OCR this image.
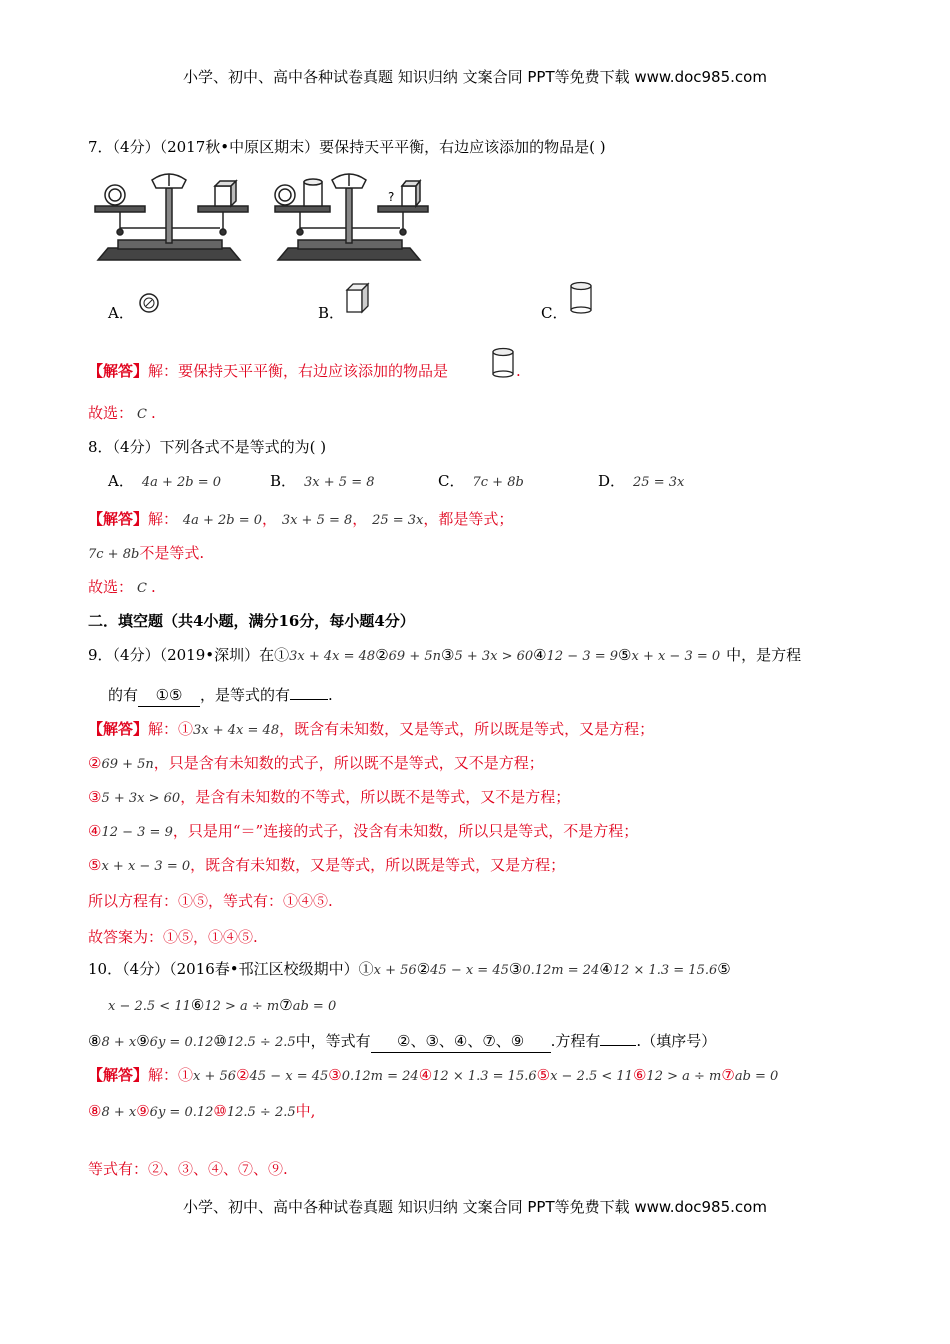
小学、初中、高中各种试卷真题 知识归纳 文案合同 PPT等免费下载 www.doc985.com
7．（4分）（2017秋•中原区期末）要保持天平平衡，右边应该添加的物品是( )
?
A．	B．	C．
【解答】解：要保持天平平衡，右边应该添加的物品是	.
故选： C .
8．（4分）下列各式不是等式的为( )
A． 4a + 2b = 0	B． 3x + 5 = 8	C． 7c + 8b	D． 25 = 3x
【解答】解： 4a + 2b = 0， 3x + 5 = 8， 25 = 3x，都是等式；
7c + 8b不是等式.
故选： C .
二．填空题（共4小题，满分16分，每小题4分）
9．（4分）（2019•深圳）在①3x + 4x = 48②69 + 5n③5 + 3x > 60④12 − 3 = 9⑤x + x − 3 = 0 中，是方程
的有 ①⑤ ，是等式的有	.
【解答】解：①3x + 4x = 48，既含有未知数，又是等式，所以既是等式，又是方程；
②69 + 5n，只是含有未知数的式子，所以既不是等式，又不是方程；
③5 + 3x > 60，是含有未知数的不等式，所以既不是等式，又不是方程；
④12 − 3 = 9，只是用“＝”连接的式子，没含有未知数，所以只是等式，不是方程；
⑤x + x − 3 = 0，既含有未知数，又是等式，所以既是等式，又是方程；
所以方程有：①⑤，等式有：①④⑤.
故答案为：①⑤，①④⑤.
10．（4分）（2016春•邗江区校级期中）①x + 56②45 − x = 45③0.12m = 24④12 × 1.3 = 15.6⑤
x − 2.5 < 11⑥12 > a ÷ m⑦ab = 0
⑧8 + x⑨6y = 0.12⑩12.5 ÷ 2.5中，等式有 ②、③、④、⑦、⑨ .方程有 .（填序号）
【解答】解：①x + 56②45 − x = 45③0.12m = 24④12 × 1.3 = 15.6⑤x − 2.5 < 11⑥12 > a ÷ m⑦ab = 0
⑧8 + x⑨6y = 0.12⑩12.5 ÷ 2.5中,
等式有：②、③、④、⑦、⑨.
小学、初中、高中各种试卷真题 知识归纳 文案合同 PPT等免费下载 www.doc985.com
